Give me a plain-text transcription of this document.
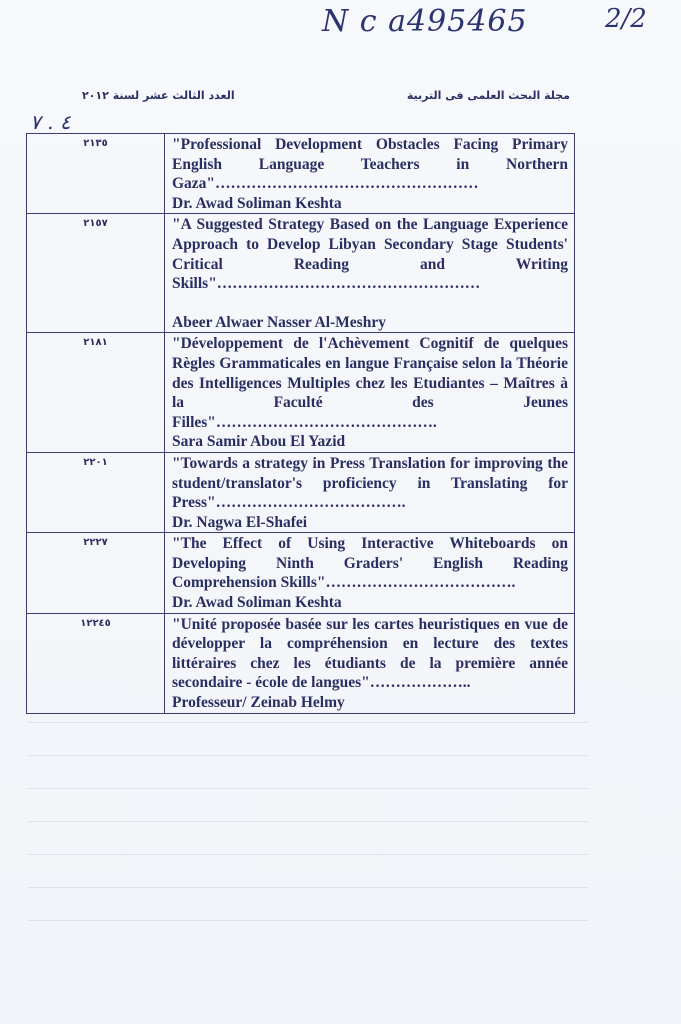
N c a495465	2/2
مجلة البحث العلمى فى التربية
العدد الثالث عشر لسنة ٢٠١٢
٤ . ٧
٢١٣٥	"Professional Development Obstacles Facing Primary English Language Teachers in Northern Gaza"……………………………………………
Dr. Awad Soliman Keshta

٢١٥٧	"A Suggested Strategy Based on the Language Experience Approach to Develop Libyan Secondary Stage Students' Critical Reading and Writing Skills"……………………………………………
Abeer Alwaer Nasser Al-Meshry

٢١٨١	"Développement de l'Achèvement Cognitif de quelques Règles Grammaticales en langue Française selon la Théorie des Intelligences Multiples chez les Etudiantes – Maîtres à la Faculté des Jeunes Filles"…………………………………….
Sara Samir Abou El Yazid

٢٢٠١	"Towards a strategy in Press Translation for improving the student/translator's proficiency in Translating for Press"……………………………….
Dr. Nagwa El-Shafei

٢٢٢٧	"The Effect of Using Interactive Whiteboards on Developing Ninth Graders' English Reading Comprehension Skills"……………………………….
Dr. Awad Soliman Keshta

١٢٢٤٥	"Unité proposée basée sur les cartes heuristiques en vue de développer la compréhension en lecture des textes littéraires chez les étudiants de la première année secondaire - école de langues"………………..
Professeur/ Zeinab Helmy
